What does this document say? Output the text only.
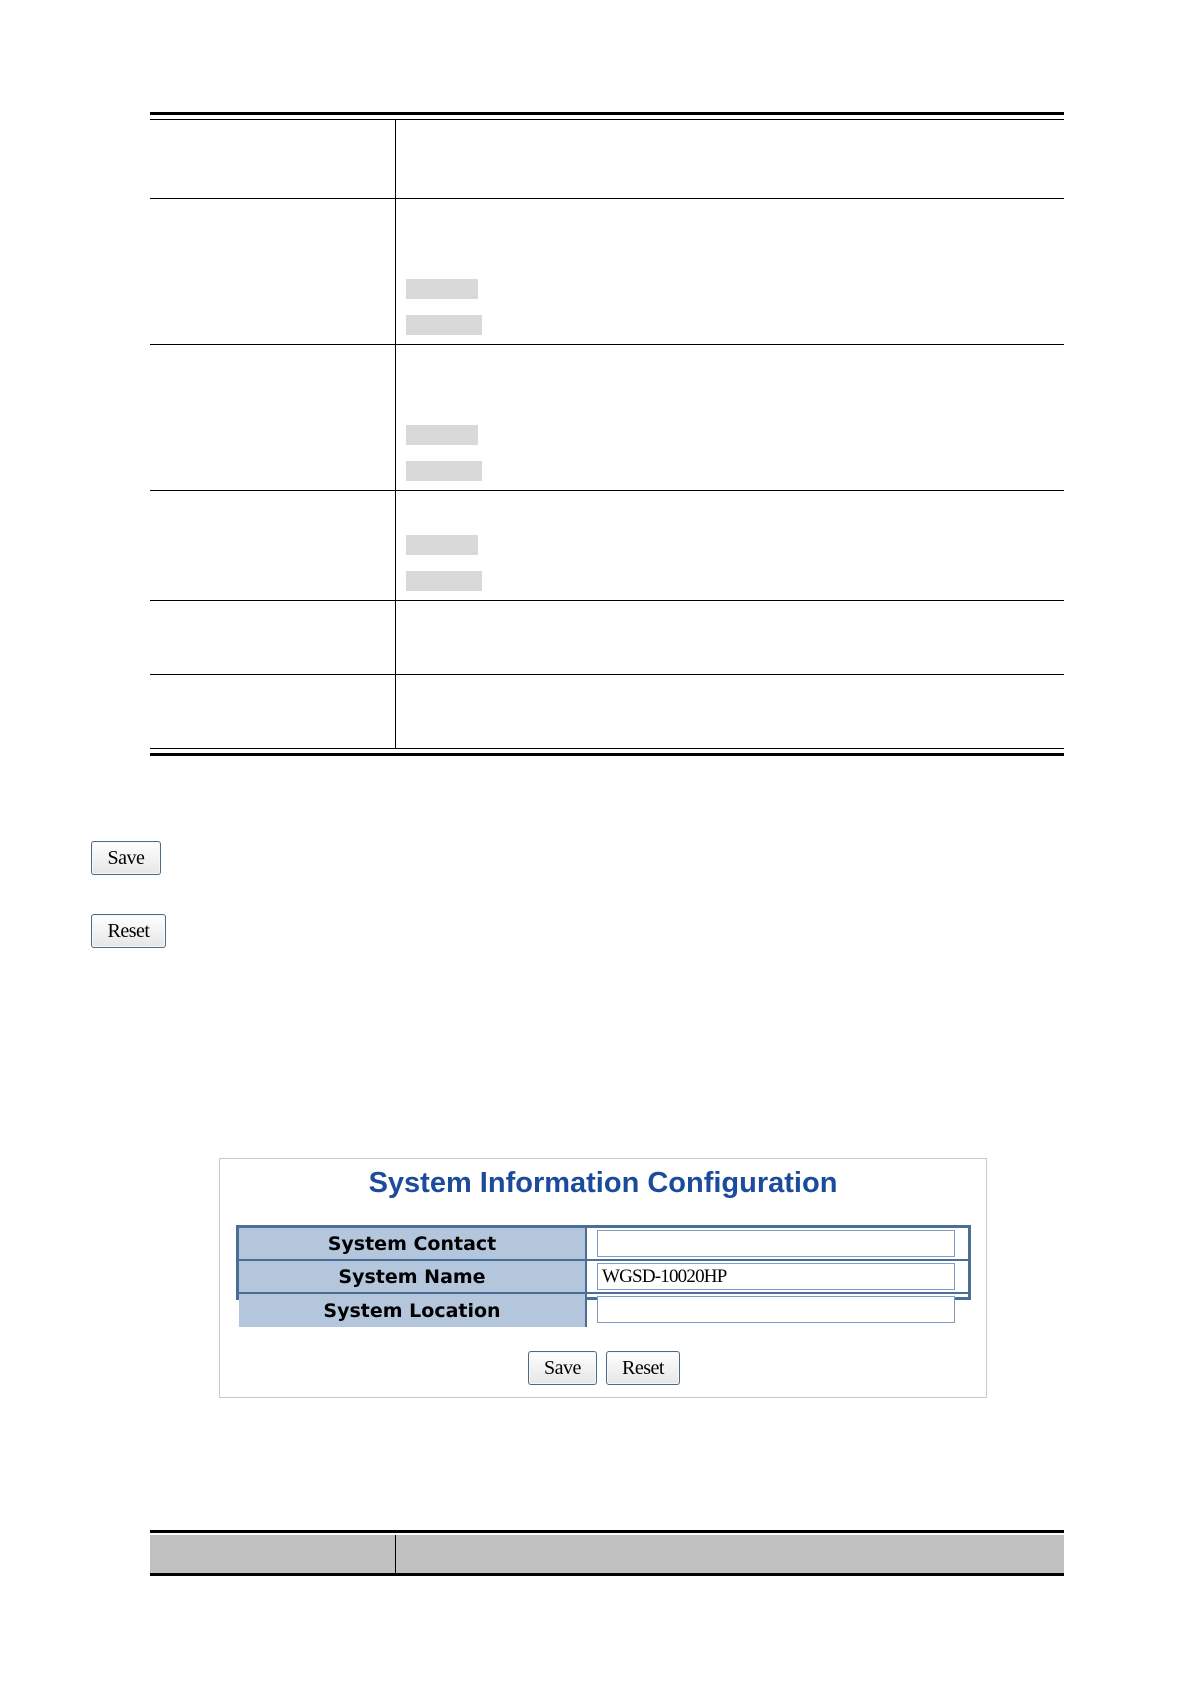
Save
Reset
System Information Configuration
System Contact
System Name
WGSD-10020HP
System Location
Save	Reset
